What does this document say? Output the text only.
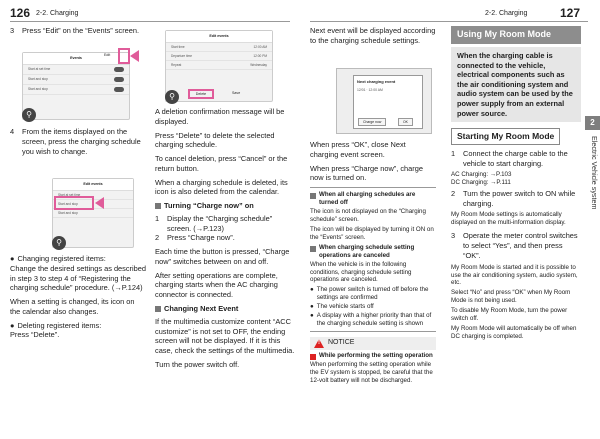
126 2-2. Charging	2-2. Charging	127
3	Press “Edit” on the “Events” screen.
Events
Start at set time
Start and stop
Start and stop
Edit
⚲
4	From the items displayed on the screen, press the charging schedule you wish to change.
Edit events
Start at set time
Start and stop
Start and stop
⚲
● Changing registered items:

Change the desired settings as described in step 3 to step 4 of “Registering the charging schedule” procedure. (→P.124)

When a setting is changed, its icon on the calendar also changes.

● Deleting registered items:

Press “Delete”.

Edit events
Start time	12:00 AM
Departure time	12:00 PM
Repeat	Wednesday
Delete	Save
⚲

A deletion confirmation message will be displayed.

Press “Delete” to delete the selected charging schedule.

To cancel deletion, press “Cancel” or the return button.

When a charging schedule is deleted, its icon is also deleted from the calendar.

Turning “Charge now” on
1	Display the “Charging schedule” screen. (→P.123)
2	Press “Charge now”.

Each time the button is pressed, “Charge now” switches between on and off.

After setting operations are complete, charging starts when the AC charging connector is connected.

Changing Next Event

If the multimedia customize content “ACC customize” is not set to OFF, the ending screen will not be displayed. If it is this case, check the settings of the multimedia.

Turn the power switch off.

Next event will be displayed according to the charging schedule settings.

Next charging event
12/01 · 12:00 AM
Charge now	OK

When press “OK”, close Next charging event screen.

When press “Charge now”, charge now is turned on.

When all charging schedules are turned off

The icon is not displayed on the “Charging schedule” screen.

The icon will be displayed by turning it ON on the “Events” screen.

When charging schedule setting operations are canceled

When the vehicle is in the following conditions, charging schedule setting operations are canceled.

● The power switch is turned off before the settings are confirmed
● The vehicle starts off
● A display with a higher priority than that of the charging schedule setting is shown
! NOTICE
While performing the setting operation

When performing the setting operation while the EV system is stopped, be careful that the 12-volt battery will not be discharged.

Using My Room Mode
When the charging cable is connected to the vehicle, electrical components such as the air conditioning system and audio system can be used by the power supply from an external power source.
Starting My Room Mode
1	Connect the charge cable to the vehicle to start charging.
AC Charging: →P.103
DC Charging: →P.111
2	Turn the power switch to ON while charging.

My Room Mode settings is automatically displayed on the multi-information display.

3	Operate the meter control switches to select “Yes”, and then press “OK”.

My Room Mode is started and it is possible to use the air conditioning system, audio system, etc.

Select “No” and press “OK” when My Room Mode is not being used.

To disable My Room Mode, turn the power switch off.

My Room Mode will automatically be off when DC charging is completed.

2
Electric Vehicle system
